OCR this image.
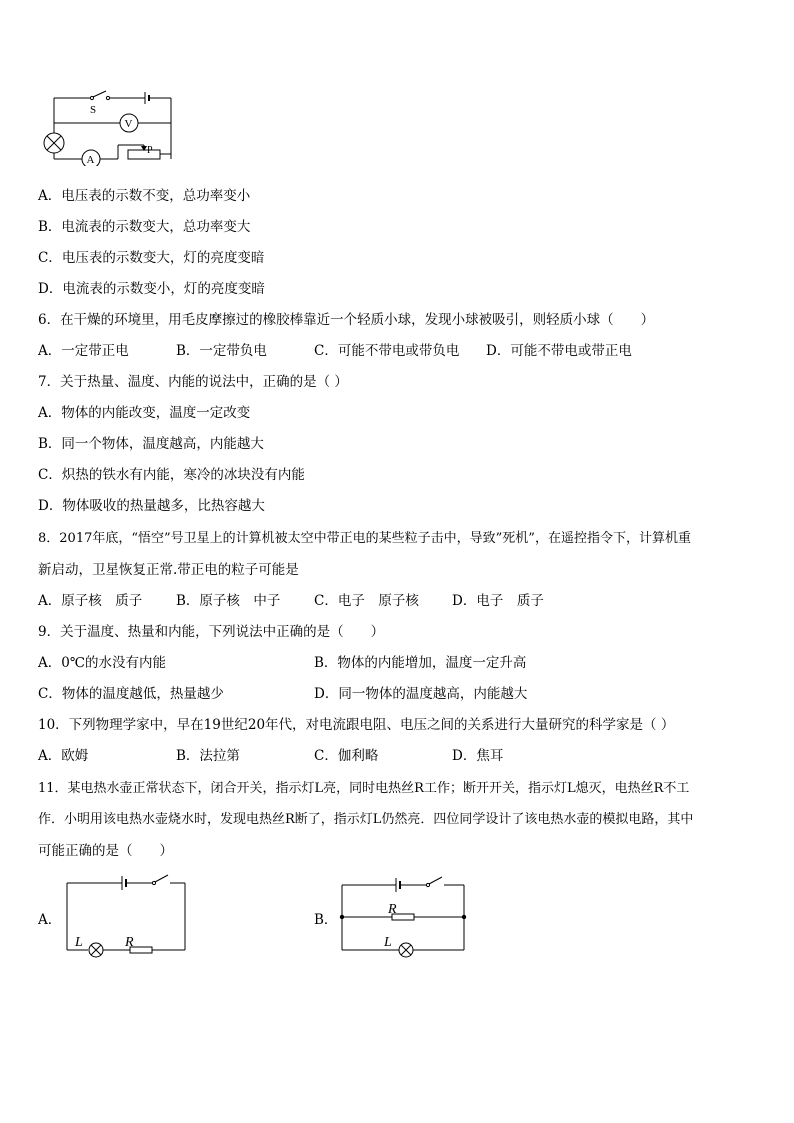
S
V
A
P
A．电压表的示数不变，总功率变小
B．电流表的示数变大，总功率变大
C．电压表的示数变大，灯的亮度变暗
D．电流表的示数变小，灯的亮度变暗
6．在干燥的环境里，用毛皮摩擦过的橡胶棒靠近一个轻质小球，发现小球被吸引，则轻质小球（　　）
A．一定带正电	B．一定带负电	C．可能不带电或带负电 D．可能不带电或带正电
7．关于热量、温度、内能的说法中，正确的是（ ）
A．物体的内能改变，温度一定改变
B．同一个物体，温度越高，内能越大
C．炽热的铁水有内能，寒冷的冰块没有内能
D．物体吸收的热量越多，比热容越大
8．2017年底，“悟空”号卫星上的计算机被太空中带正电的某些粒子击中，导致”死机”，在遥控指令下，计算机重
新启动，卫星恢复正常.带正电的粒子可能是
A．原子核　质子	B．原子核　中子 C．电子　原子核 D．电子　质子
9．关于温度、热量和内能，下列说法中正确的是（　　）
A．0℃的水没有内能	B．物体的内能增加，温度一定升高
C．物体的温度越低，热量越少	D．同一物体的温度越高，内能越大
10．下列物理学家中，早在19世纪20年代，对电流跟电阻、电压之间的关系进行大量研究的科学家是（ ）
A．欧姆	B．法拉第	C．伽利略	D．焦耳
11．某电热水壶正常状态下，闭合开关，指示灯L亮，同时电热丝R工作；断开开关，指示灯L熄灭，电热丝R不工
作．小明用该电热水壶烧水时，发现电热丝R断了，指示灯L仍然亮．四位同学设计了该电热水壶的模拟电路，其中
可能正确的是（　　）
A．
L	R
B．
R
L
